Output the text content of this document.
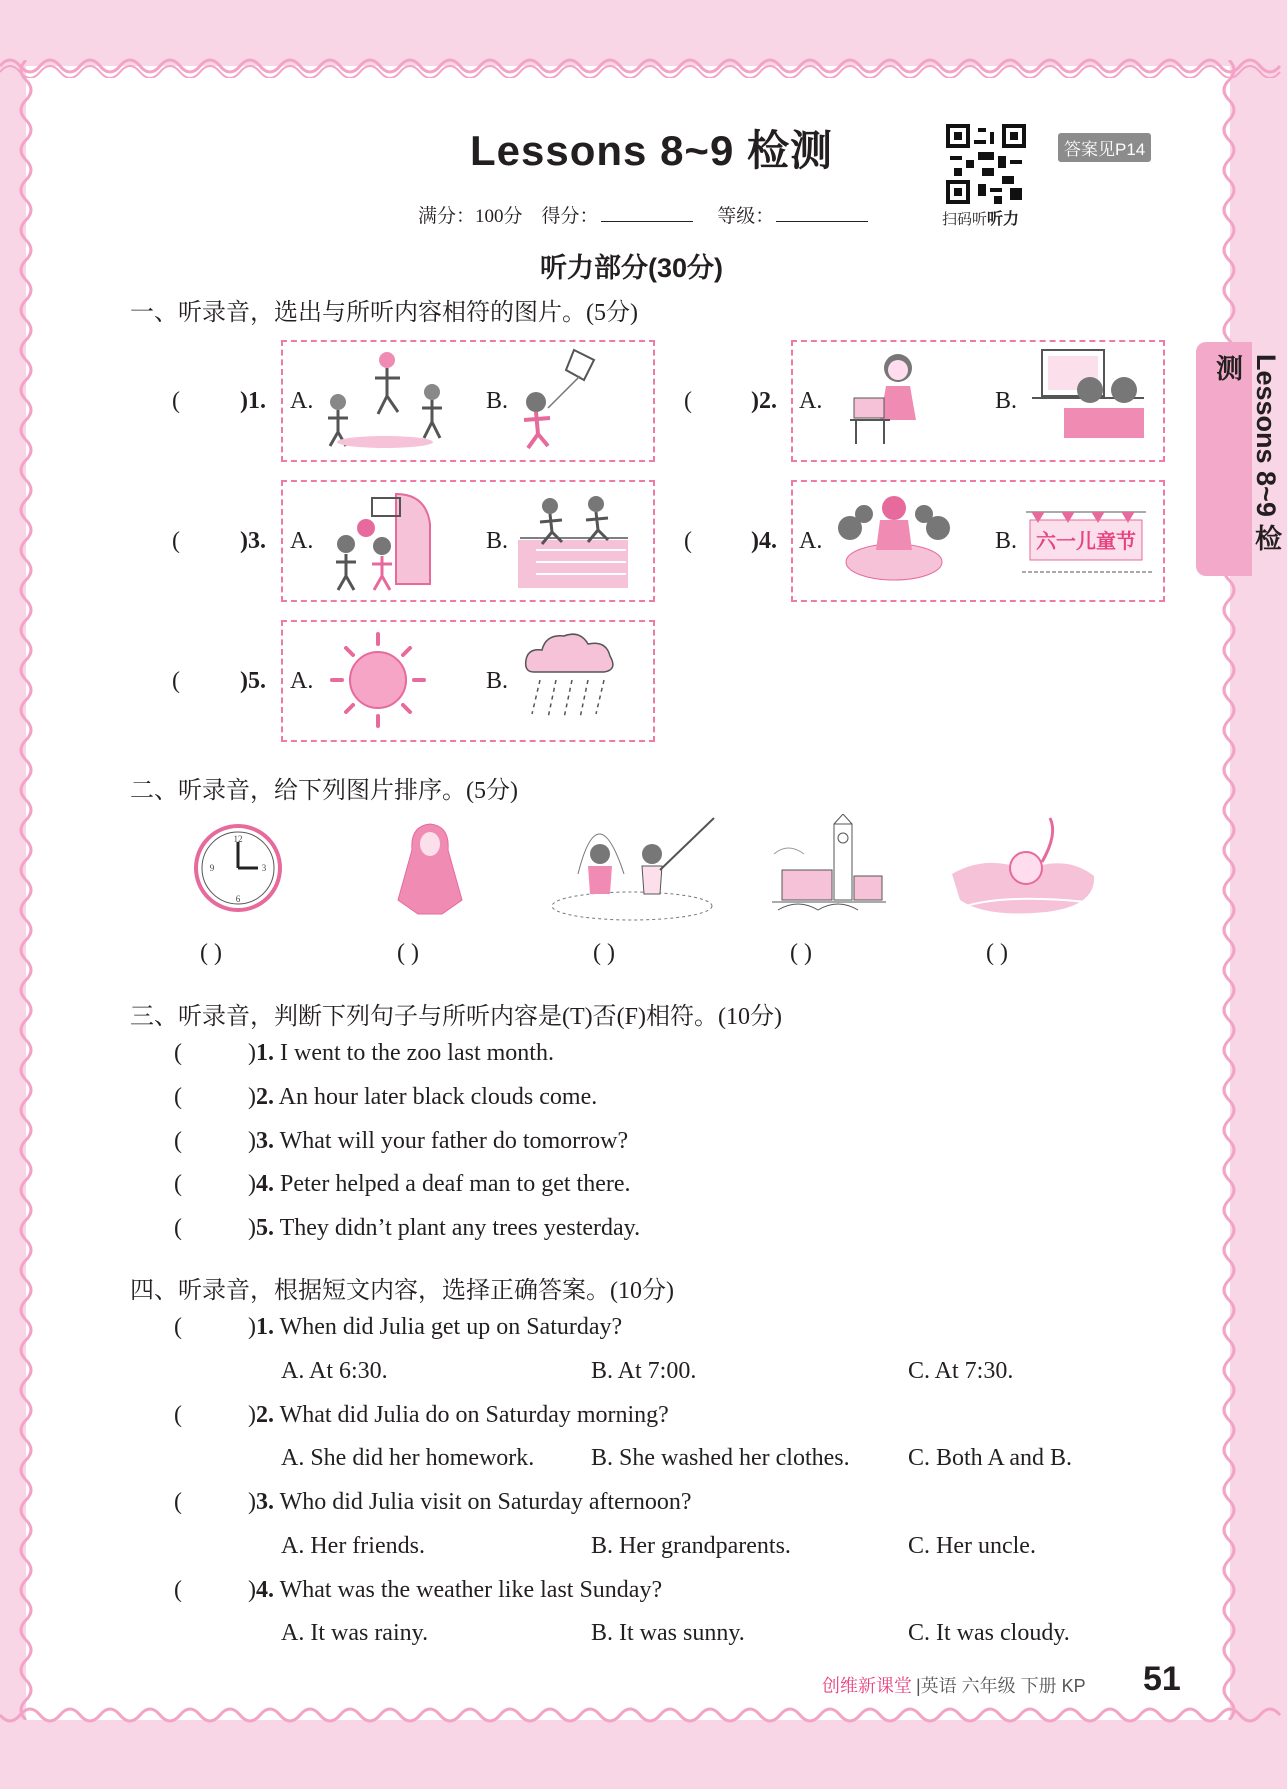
Lessons 8~9 检测
扫码听听力
答案见P14
满分：100分 得分：	等级：
听力部分(30分)
Lessons 8~9 检测
一、听录音，选出与所听内容相符的图片。(5分)
(	)1. A.	B.	( )2. A.	B.
(	)3. A.	B.	( )4. A.	B. 六一儿童节
(	)5. A.	B.
二、听录音，给下列图片排序。(5分)
12
3
6
9
( )	( )	( )	( )	( )
三、听录音，判断下列句子与所听内容是(T)否(F)相符。(10分)
(	)1. I went to the zoo last month.
(	)2. An hour later black clouds come.
(	)3. What will your father do tomorrow?
(	)4. Peter helped a deaf man to get there.
(	)5. They didn’t plant any trees yesterday.
四、听录音，根据短文内容，选择正确答案。(10分)
(	)1. When did Julia get up on Saturday?
A. At 6:30.	B. At 7:00.	C. At 7:30.
(	)2. What did Julia do on Saturday morning?
A. She did her homework. B. She washed her clothes. C. Both A and B.
(	)3. Who did Julia visit on Saturday afternoon?
A. Her friends.	B. Her grandparents.	C. Her uncle.
(	)4. What was the weather like last Sunday?
A. It was rainy.	B. It was sunny.	C. It was cloudy.
创维新课堂 |英语 六年级 下册 KP 51
